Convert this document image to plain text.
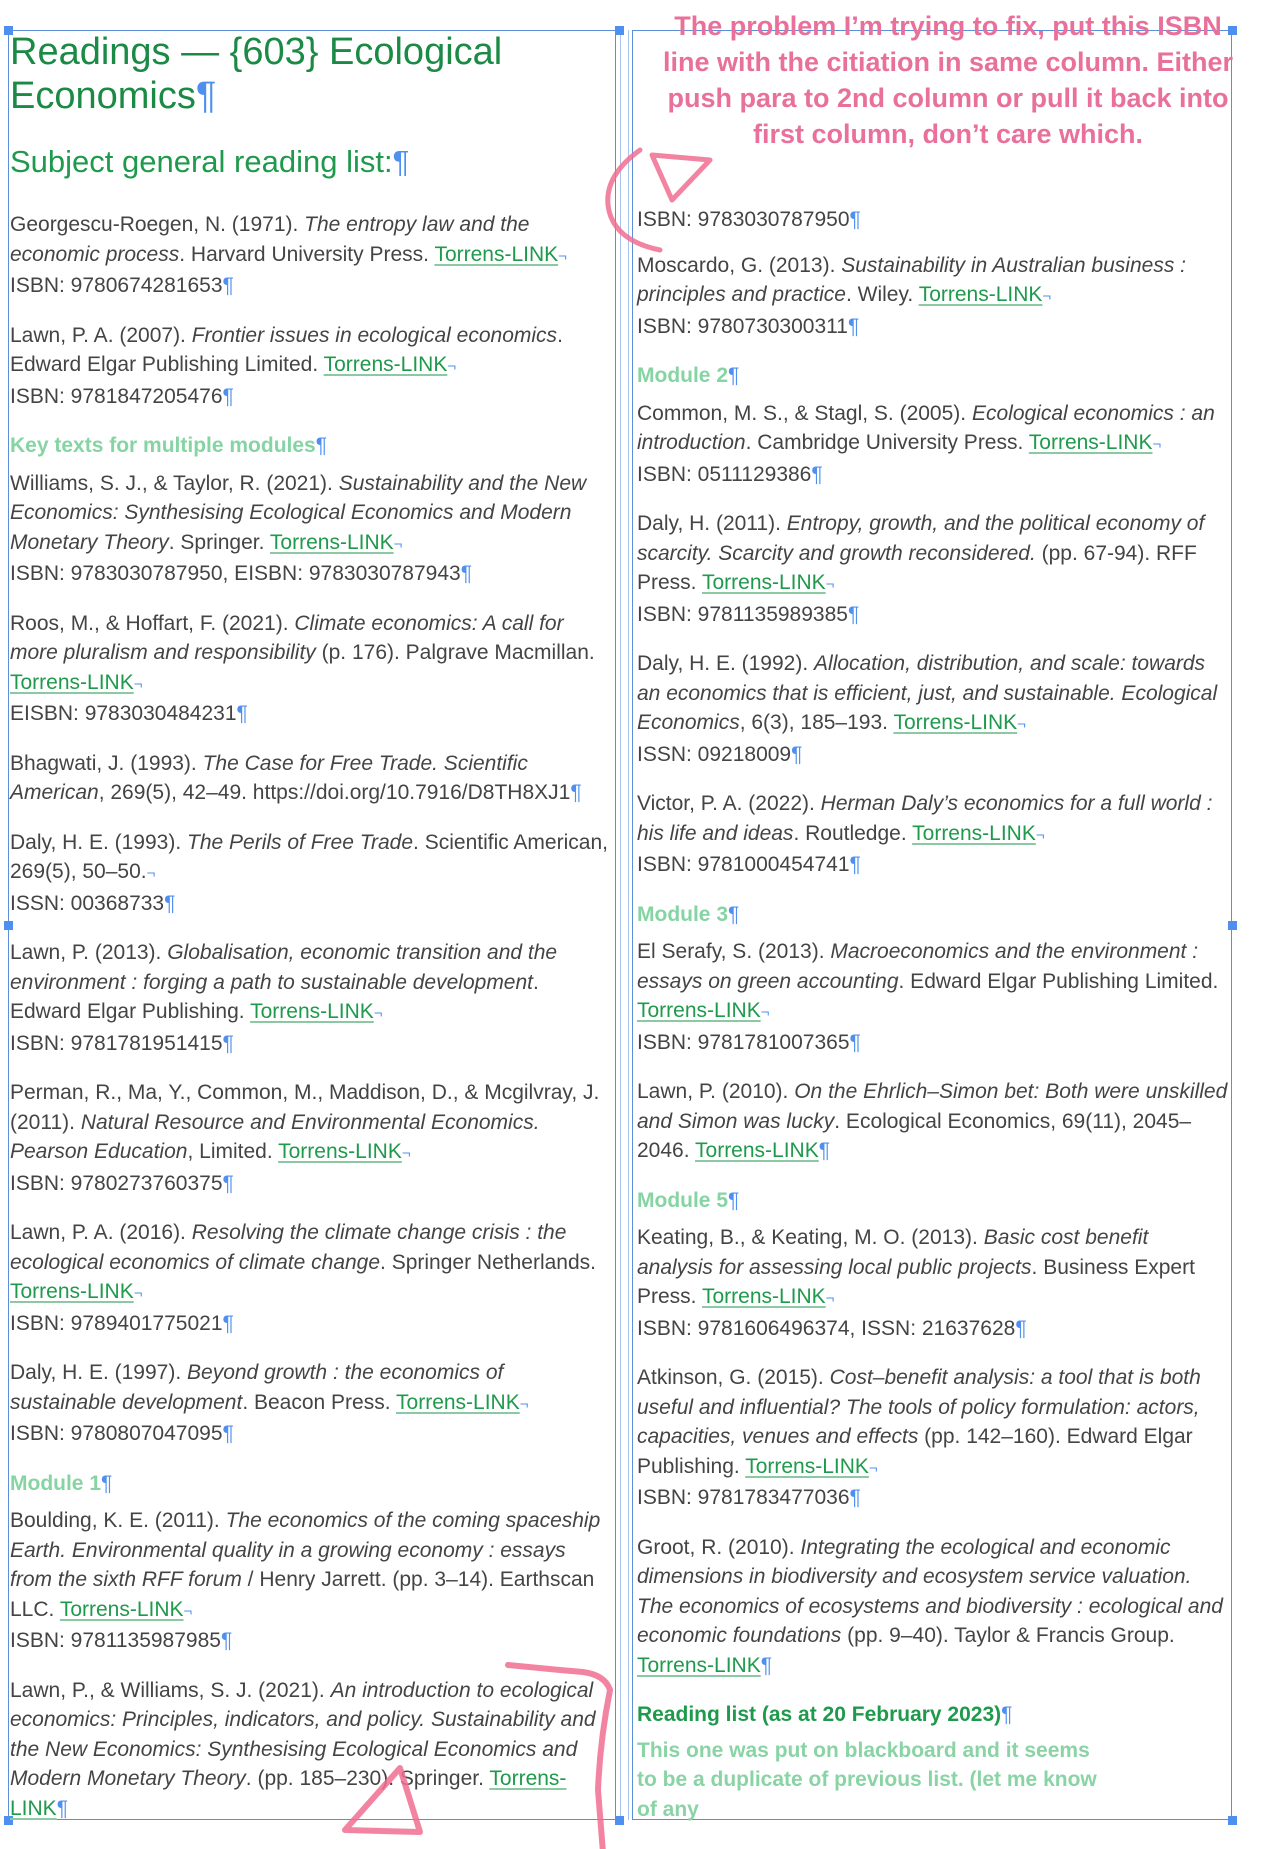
Readings — {603} Ecological Economics¶
Subject general reading list:¶

Georgescu-Roegen, N. (1971). The entropy law and the economic process. Harvard University Press. Torrens-LINK¬
ISBN: 9780674281653¶

Lawn, P. A. (2007). Frontier issues in ecological economics. Edward Elgar Publishing Limited. Torrens-LINK¬
ISBN: 9781847205476¶

Key texts for multiple modules¶

Williams, S. J., & Taylor, R. (2021). Sustainability and the New Economics: Synthesising Ecological Economics and Modern Monetary Theory. Springer. Torrens-LINK¬
ISBN: 9783030787950, EISBN: 9783030787943¶

Roos, M., & Hoffart, F. (2021). Climate economics: A call for more pluralism and responsibility (p. 176). Palgrave Macmillan. Torrens-LINK¬
EISBN: 9783030484231¶

Bhagwati, J. (1993). The Case for Free Trade. Scientific American, 269(5), 42–49. https://doi.org/10.7916/D8TH8XJ1¶

Daly, H. E. (1993). The Perils of Free Trade. Scientific American, 269(5), 50–50.¬
ISSN: 00368733¶

Lawn, P. (2013). Globalisation, economic transition and the environment : forging a path to sustainable development. Edward Elgar Publishing. Torrens-LINK¬
ISBN: 9781781951415¶

Perman, R., Ma, Y., Common, M., Maddison, D., & Mcgilvray, J. (2011). Natural Resource and Environmental Economics. Pearson Education, Limited. Torrens-LINK¬
ISBN: 9780273760375¶

Lawn, P. A. (2016). Resolving the climate change crisis : the ecological economics of climate change. Springer Netherlands. Torrens-LINK¬
ISBN: 9789401775021¶

Daly, H. E. (1997). Beyond growth : the economics of sustainable development. Beacon Press. Torrens-LINK¬
ISBN: 9780807047095¶

Module 1¶

Boulding, K. E. (2011). The economics of the coming spaceship Earth. Environmental quality in a growing economy : essays from the sixth RFF forum / Henry Jarrett. (pp. 3–14). Earthscan LLC. Torrens-LINK¬
ISBN: 9781135987985¶

Lawn, P., & Williams, S. J. (2021). An introduction to ecological economics: Principles, indicators, and policy. Sustainability and the New Economics: Synthesising Ecological Economics and Modern Monetary Theory. (pp. 185–230). Springer. Torrens-LINK¶

ISBN: 9783030787950¶

Moscardo, G. (2013). Sustainability in Australian business : principles and practice. Wiley. Torrens-LINK¬
ISBN: 9780730300311¶

Module 2¶

Common, M. S., & Stagl, S. (2005). Ecological economics : an introduction. Cambridge University Press. Torrens-LINK¬
ISBN: 0511129386¶

Daly, H. (2011). Entropy, growth, and the political economy of scarcity. Scarcity and growth reconsidered. (pp. 67-94). RFF Press. Torrens-LINK¬
ISBN: 9781135989385¶

Daly, H. E. (1992). Allocation, distribution, and scale: towards an economics that is efficient, just, and sustainable. Ecological Economics, 6(3), 185–193. Torrens-LINK¬
ISSN: 09218009¶

Victor, P. A. (2022). Herman Daly’s economics for a full world : his life and ideas. Routledge. Torrens-LINK¬
ISBN: 9781000454741¶

Module 3¶

El Serafy, S. (2013). Macroeconomics and the environment : essays on green accounting. Edward Elgar Publishing Limited. Torrens-LINK¬
ISBN: 9781781007365¶

Lawn, P. (2010). On the Ehrlich–Simon bet: Both were unskilled and Simon was lucky. Ecological Economics, 69(11), 2045–2046. Torrens-LINK¶

Module 5¶

Keating, B., & Keating, M. O. (2013). Basic cost benefit analysis for assessing local public projects. Business Expert Press. Torrens-LINK¬
ISBN: 9781606496374, ISSN: 21637628¶

Atkinson, G. (2015). Cost–benefit analysis: a tool that is both useful and influential? The tools of policy formulation: actors, capacities, venues and effects (pp. 142–160). Edward Elgar Publishing. Torrens-LINK¬
ISBN: 9781783477036¶

Groot, R. (2010). Integrating the ecological and economic dimensions in biodiversity and ecosystem service valuation. The economics of ecosystems and biodiversity : ecological and economic foundations (pp. 9–40). Taylor & Francis Group. Torrens-LINK¶

Reading list (as at 20 February 2023)¶
This one was put on blackboard and it seems to be a duplicate of previous list. (let me know of any
The problem I’m trying to fix, put this ISBN line with the citiation in same column. Either push para to 2nd column or pull it back into first column, don’t care which.
